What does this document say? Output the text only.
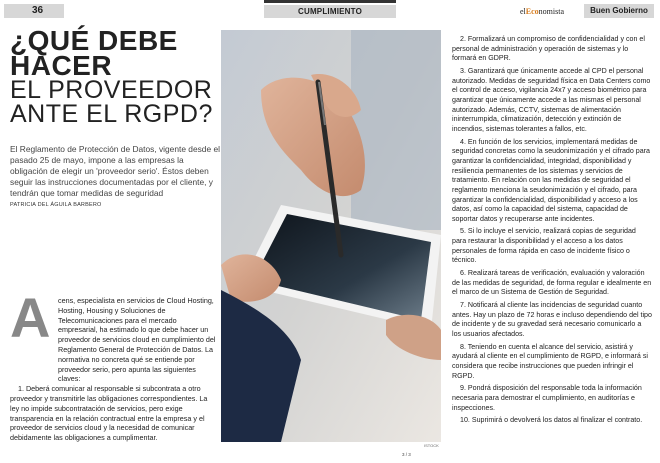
36	CUMPLIMIENTO	elEconomista	Buen Gobierno
¿QUÉ DEBE
HACER
EL PROVEEDOR
ANTE EL RGPD?
El Reglamento de Protección de Datos, vigente desde el pasado 25 de mayo, impone a las empresas la obligación de elegir un 'proveedor serio'. Éstos deben seguir las instrucciones documentadas por el cliente, y tendrán que tomar medidas de seguridad
PATRICIA DEL ÁGUILA BARBERO
ISTOCK
A	cens, especialista en servicios de Cloud Hosting, Hosting, Housing y Soluciones de Telecomunicaciones para el mercado empresarial, ha estimado lo que debe hacer un proveedor de servicios cloud en cumplimiento del Reglamento General de Protección de Datos. La normativa no concreta qué se entiende por proveedor serio, pero apunta las siguientes claves:

1. Deberá comunicar al responsable si subcontrata a otro proveedor y transmitirle las obligaciones correspondientes. La ley no impide subcontratación de servicios, pero exige transparencia en la relación contractual entre la empresa y el proveedor de servicios cloud y la necesidad de comunicar debidamente las obligaciones a cumplimentar.

2. Formalizará un compromiso de confidencialidad y con el personal de administración y operación de sistemas y lo formará en GDPR.

3. Garantizará que únicamente accede al CPD el personal autorizado. Medidas de seguridad física en Data Centers como el control de acceso, vigilancia 24x7 y acceso biométrico para garantizar que únicamente accede a las mismas el personal autorizado. Además, CCTV, sistemas de alimentación ininterrumpida, climatización, detección y extinción de incendios, sistemas tolerantes a fallos, etc.

4. En función de los servicios, implementará medidas de seguridad concretas como la seudonimización y el cifrado para garantizar la confidencialidad, integridad, disponibilidad y resiliencia permanentes de los sistemas y servicios de tratamiento. En relación con las medidas de seguridad el reglamento menciona la seudonimización y el cifrado, para garantizar la confidencialidad, disponibilidad y acceso a los datos, así como la capacidad del sistema, capacidad de soportar datos y recuperarse ante incidentes.

5. Si lo incluye el servicio, realizará copias de seguridad para restaurar la disponibilidad y el acceso a los datos personales de forma rápida en caso de incidente físico o técnico.

6. Realizará tareas de verificación, evaluación y valoración de las medidas de seguridad, de forma regular e idealmente en el marco de un Sistema de Gestión de Seguridad.

7. Notificará al cliente las incidencias de seguridad cuanto antes. Hay un plazo de 72 horas e incluso dependiendo del tipo de incidente y de su gravedad será necesario comunicarlo a los usuarios afectados.

8. Teniendo en cuenta el alcance del servicio, asistirá y ayudará al cliente en el cumplimiento de RGPD, e informará si considera que recibe instrucciones que pueden infringir el RGPD.

9. Pondrá disposición del responsable toda la información necesaria para demostrar el cumplimiento, en auditorías e inspecciones.

10. Suprimirá o devolverá los datos al finalizar el contrato.

3 / 3
